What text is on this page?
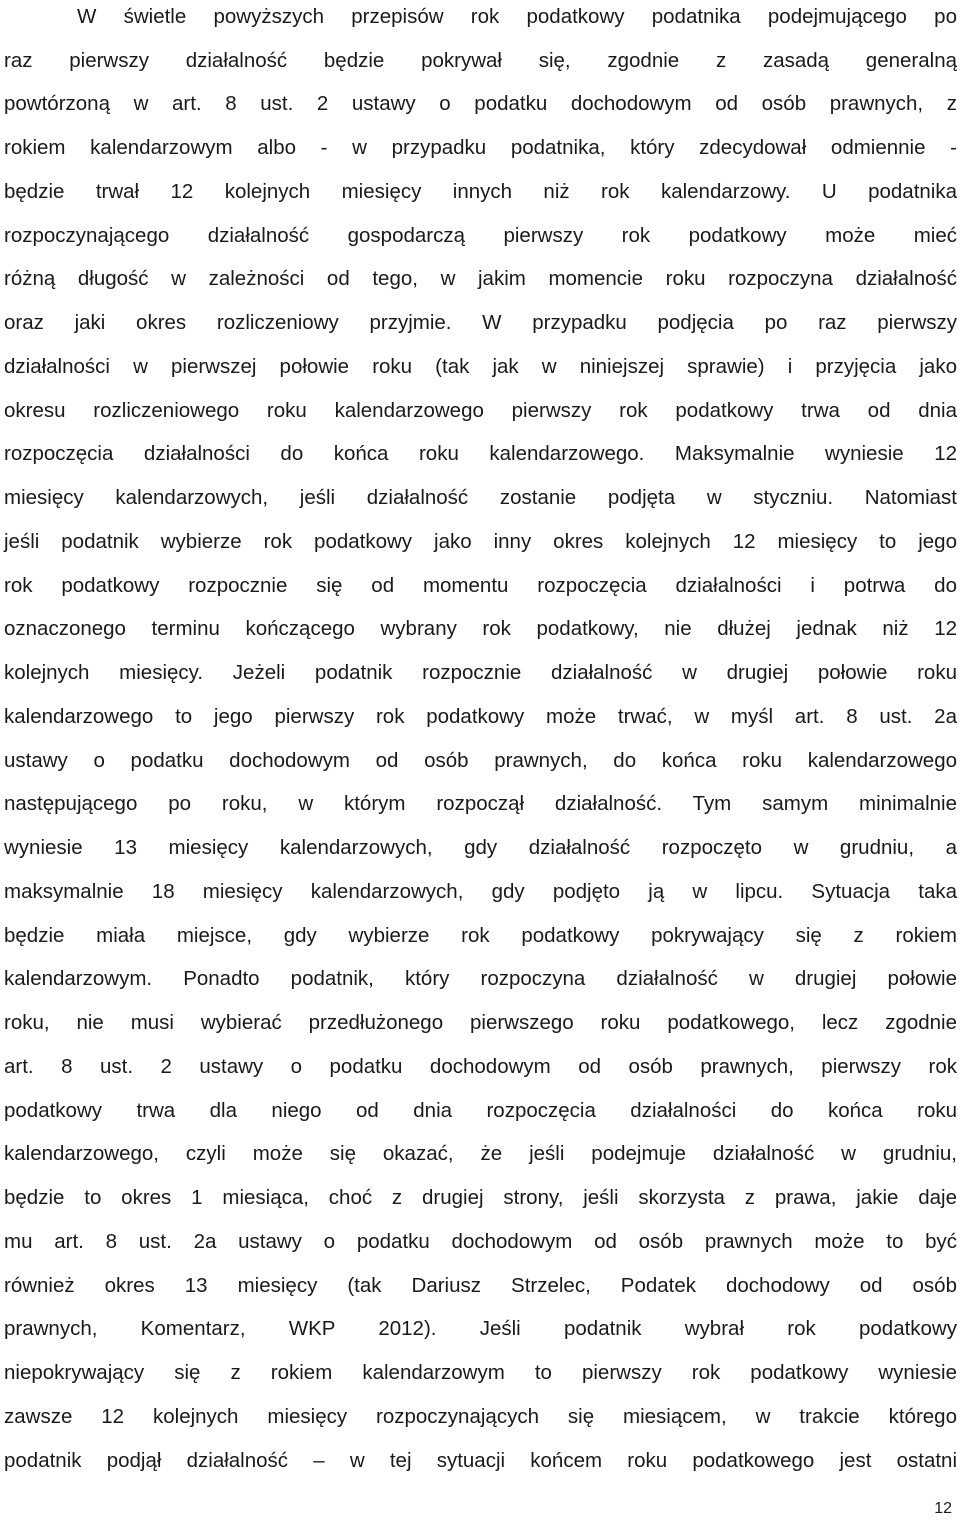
W świetle powyższych przepisów rok podatkowy podatnika podejmującego po
raz pierwszy działalność będzie pokrywał się, zgodnie z zasadą generalną
powtórzoną w art. 8 ust. 2 ustawy o podatku dochodowym od osób prawnych, z
rokiem kalendarzowym albo - w przypadku podatnika, który zdecydował odmiennie -
będzie trwał 12 kolejnych miesięcy innych niż rok kalendarzowy. U podatnika
rozpoczynającego działalność gospodarczą pierwszy rok podatkowy może mieć
różną długość w zależności od tego, w jakim momencie roku rozpoczyna działalność
oraz jaki okres rozliczeniowy przyjmie. W przypadku podjęcia po raz pierwszy
działalności w pierwszej połowie roku (tak jak w niniejszej sprawie) i przyjęcia jako
okresu rozliczeniowego roku kalendarzowego pierwszy rok podatkowy trwa od dnia
rozpoczęcia działalności do końca roku kalendarzowego. Maksymalnie wyniesie 12
miesięcy kalendarzowych, jeśli działalność zostanie podjęta w styczniu. Natomiast
jeśli podatnik wybierze rok podatkowy jako inny okres kolejnych 12 miesięcy to jego
rok podatkowy rozpocznie się od momentu rozpoczęcia działalności i potrwa do
oznaczonego terminu kończącego wybrany rok podatkowy, nie dłużej jednak niż 12
kolejnych miesięcy. Jeżeli podatnik rozpocznie działalność w drugiej połowie roku
kalendarzowego to jego pierwszy rok podatkowy może trwać, w myśl art. 8 ust. 2a
ustawy o podatku dochodowym od osób prawnych, do końca roku kalendarzowego
następującego po roku, w którym rozpoczął działalność. Tym samym minimalnie
wyniesie 13 miesięcy kalendarzowych, gdy działalność rozpoczęto w grudniu, a
maksymalnie 18 miesięcy kalendarzowych, gdy podjęto ją w lipcu. Sytuacja taka
będzie miała miejsce, gdy wybierze rok podatkowy pokrywający się z rokiem
kalendarzowym. Ponadto podatnik, który rozpoczyna działalność w drugiej połowie
roku, nie musi wybierać przedłużonego pierwszego roku podatkowego, lecz zgodnie
art. 8 ust. 2 ustawy o podatku dochodowym od osób prawnych, pierwszy rok
podatkowy trwa dla niego od dnia rozpoczęcia działalności do końca roku
kalendarzowego, czyli może się okazać, że jeśli podejmuje działalność w grudniu,
będzie to okres 1 miesiąca, choć z drugiej strony, jeśli skorzysta z prawa, jakie daje
mu art. 8 ust. 2a ustawy o podatku dochodowym od osób prawnych może to być
również okres 13 miesięcy (tak Dariusz Strzelec, Podatek dochodowy od osób
prawnych, Komentarz, WKP 2012). Jeśli podatnik wybrał rok podatkowy
niepokrywający się z rokiem kalendarzowym to pierwszy rok podatkowy wyniesie
zawsze 12 kolejnych miesięcy rozpoczynających się miesiącem, w trakcie którego
podatnik podjął działalność – w tej sytuacji końcem roku podatkowego jest ostatni
12
